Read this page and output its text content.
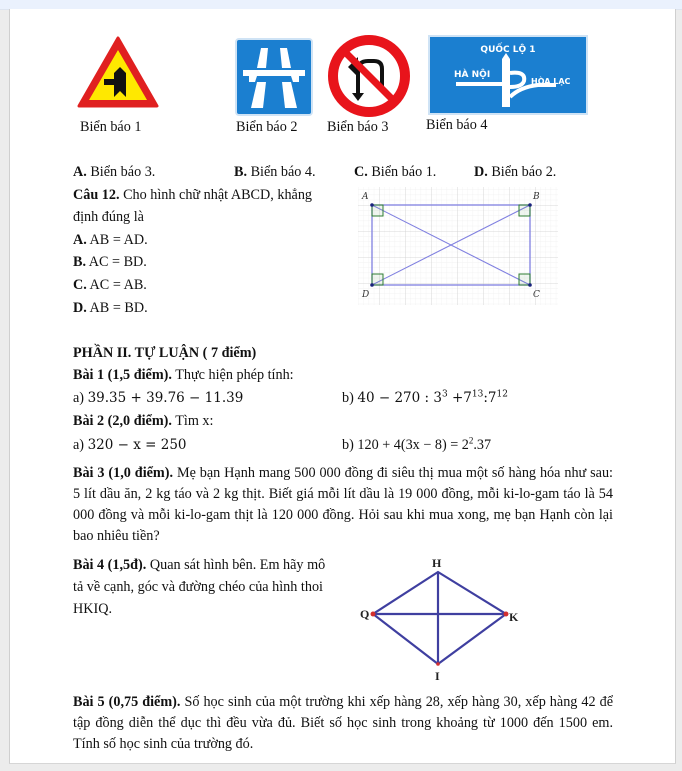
Biển báo 1	Biển báo 2 Biển báo 3
QUỐC LỘ 1
HÀ NỘI
HÒA LẠC
Biển báo 4
A. Biển báo 3.	B. Biển báo 4.	C. Biển báo 1.	D. Biển báo 2.
Câu 12. Cho hình chữ nhật ABCD, khẳng
định đúng là
A. AB = AD.
B. AC = BD.
C. AC = AB.
D. AB = BD.
A	B
C
D
PHẦN II. TỰ LUẬN ( 7 điểm)
Bài 1 (1,5 điểm). Thực hiện phép tính:
a) 39.35 + 39.76 − 11.39	b) 40 − 270 : $3^3$ $+7^{13}:7^{12}$
Bài 2 (2,0 điểm). Tìm x:
a) 320 − x = 250	b) $120 + 4(3x - 8) = 2^2.37$
Bài 3 (1,0 điểm). Mẹ bạn Hạnh mang 500 000 đồng đi siêu thị mua một số hàng hóa như sau: 5 lít dầu ăn, 2 kg táo và 2 kg thịt. Biết giá mỗi lít dầu là 19 000 đồng, mỗi ki-lo-gam táo là 54 000 đồng và mỗi ki-lo-gam thịt là 120 000 đồng. Hỏi sau khi mua xong, mẹ bạn Hạnh còn lại bao nhiêu tiền?
Bài 4 (1,5đ). Quan sát hình bên. Em hãy mô
tả về cạnh, góc và đường chéo của hình thoi
HKIQ.
H
K
I
Q
Bài 5 (0,75 điểm). Số học sinh của một trường khi xếp hàng 28, xếp hàng 30, xếp hàng 42 để tập đồng diễn thể dục thì đều vừa đủ. Biết số học sinh trong khoảng từ 1000 đến 1500 em. Tính số học sinh của trường đó.
